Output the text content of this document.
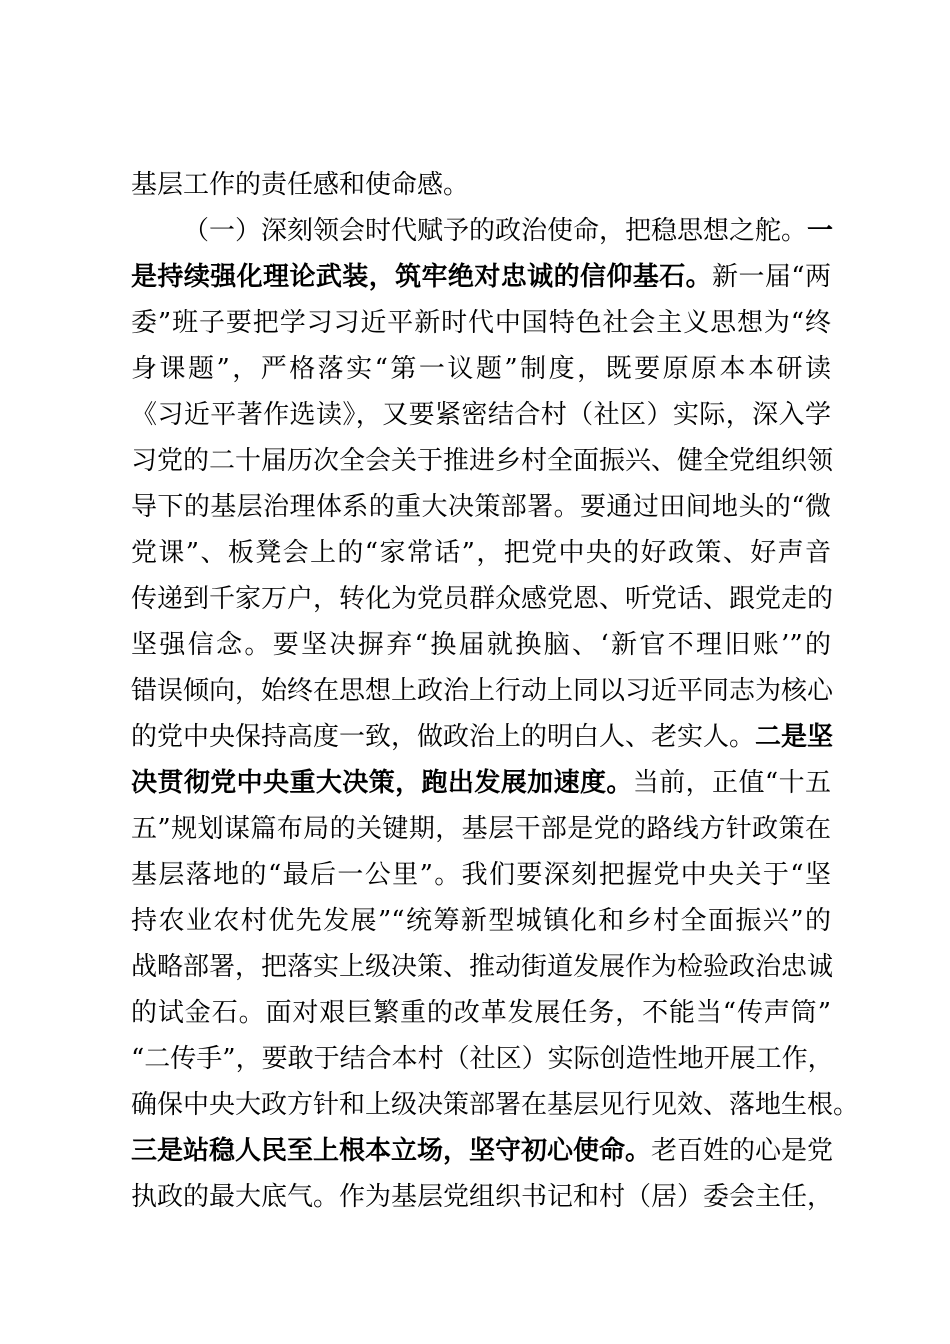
基层工作的责任感和使命感。
（一）深刻领会时代赋予的政治使命，把稳思想之舵。一
是持续强化理论武装，筑牢绝对忠诚的信仰基石。新一届“两
委”班子要把学习习近平新时代中国特色社会主义思想为“终
身课题”，严格落实“第一议题”制度，既要原原本本研读
《习近平著作选读》，又要紧密结合村（社区）实际，深入学
习党的二十届历次全会关于推进乡村全面振兴、健全党组织领
导下的基层治理体系的重大决策部署。要通过田间地头的“微
党课”、板凳会上的“家常话”，把党中央的好政策、好声音
传递到千家万户，转化为党员群众感党恩、听党话、跟党走的
坚强信念。要坚决摒弃“换届就换脑、‘新官不理旧账’”的
错误倾向，始终在思想上政治上行动上同以习近平同志为核心
的党中央保持高度一致，做政治上的明白人、老实人。二是坚
决贯彻党中央重大决策，跑出发展加速度。当前，正值“十五
五”规划谋篇布局的关键期，基层干部是党的路线方针政策在
基层落地的“最后一公里”。我们要深刻把握党中央关于“坚
持农业农村优先发展”“统筹新型城镇化和乡村全面振兴”的
战略部署，把落实上级决策、推动街道发展作为检验政治忠诚
的试金石。面对艰巨繁重的改革发展任务，不能当“传声筒”
“二传手”，要敢于结合本村（社区）实际创造性地开展工作，
确保中央大政方针和上级决策部署在基层见行见效、落地生根。
三是站稳人民至上根本立场，坚守初心使命。老百姓的心是党
执政的最大底气。作为基层党组织书记和村（居）委会主任，
